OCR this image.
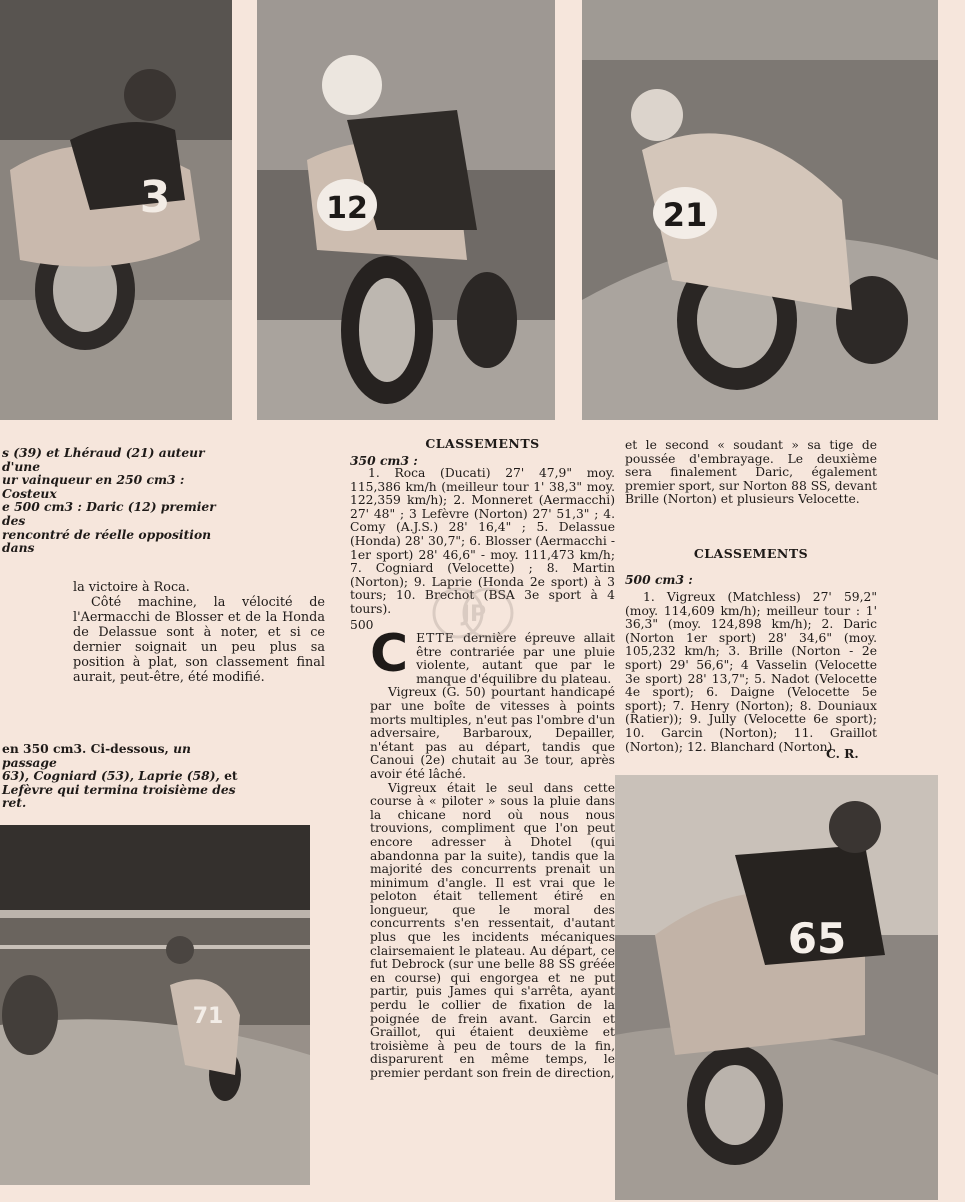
3	12	21
71
65
s (39) et Lhéraud (21) auteur d'une
ur vainqueur en 250 cm3 : Costeux
e 500 cm3 : Daric (12) premier des
rencontré de réelle opposition dans

la victoire à Roca.

Côté machine, la vélocité de l'Aermacchi de Blosser et de la Honda de Delassue sont à noter, et si ce dernier soignait un peu plus sa position à plat, son classement final aurait, peut-être, été modifié.

en 350 cm3. Ci-dessous, un passage
63), Cogniard (53), Laprie (58), et
Lefèvre qui termina troisième des
ret.
CLASSEMENTS
350 cm3 :

1. Roca (Ducati) 27' 47,9" moy. 115,386 km/h (meilleur tour 1' 38,3" moy. 122,359 km/h); 2. Monneret (Aermacchi) 27' 48" ; 3 Lefèvre (Norton) 27' 51,3" ; 4. Comy (A.J.S.) 28' 16,4" ; 5. Delassue (Honda) 28' 30,7"; 6. Blosser (Aermacchi - 1er sport) 28' 46,6" - moy. 111,473 km/h; 7. Cogniard (Velocette) ; 8. Martin (Norton); 9. Laprie (Honda 2e sport) à 3 tours; 10. Brechot (BSA 3e sport à 4 tours).

500

CETTE dernière épreuve allait être contrariée par une pluie violente, autant que par le manque d'équilibre du plateau.

Vigreux (G. 50) pourtant handicapé par une boîte de vitesses à points morts multiples, n'eut pas l'ombre d'un adversaire, Barbaroux, Depailler, n'étant pas au départ, tandis que Canoui (2e) chutait au 3e tour, après avoir été lâché.

Vigreux était le seul dans cette course à « piloter » sous la pluie dans la chicane nord où nous nous trouvions, compliment que l'on peut encore adresser à Dhotel (qui abandonna par la suite), tandis que la majorité des concurrents prenait un minimum d'angle. Il est vrai que le peloton était tellement étiré en longueur, que le moral des concurrents s'en ressentait, d'autant plus que les incidents mécaniques clairsemaient le plateau. Au départ, ce fut Debrock (sur une belle 88 SS gréée en course) qui engorgea et ne put partir, puis James qui s'arrêta, ayant perdu le collier de fixation de la poignée de frein avant. Garcin et Graillot, qui étaient deuxième et troisième à peu de tours de la fin, disparurent en même temps, le premier perdant son frein de direction,

et le second « soudant » sa tige de poussée d'embrayage. Le deuxième sera finalement Daric, également premier sport, sur Norton 88 SS, devant Brille (Norton) et plusieurs Velocette.

CLASSEMENTS
500 cm3 :

1. Vigreux (Matchless) 27' 59,2" (moy. 114,609 km/h); meilleur tour : 1' 36,3" (moy. 124,898 km/h); 2. Daric (Norton 1er sport) 28' 34,6" (moy. 105,232 km/h; 3. Brille (Norton - 2e sport) 29' 56,6"; 4 Vasselin (Velocette 3e sport) 28' 13,7"; 5. Nadot (Velocette 4e sport); 6. Daigne (Velocette 5e sport); 7. Henry (Norton); 8. Douniaux (Ratier)); 9. Jully (Velocette 6e sport); 10. Garcin (Norton); 11. Graillot (Norton); 12. Blanchard (Norton).

C. R.
JP
